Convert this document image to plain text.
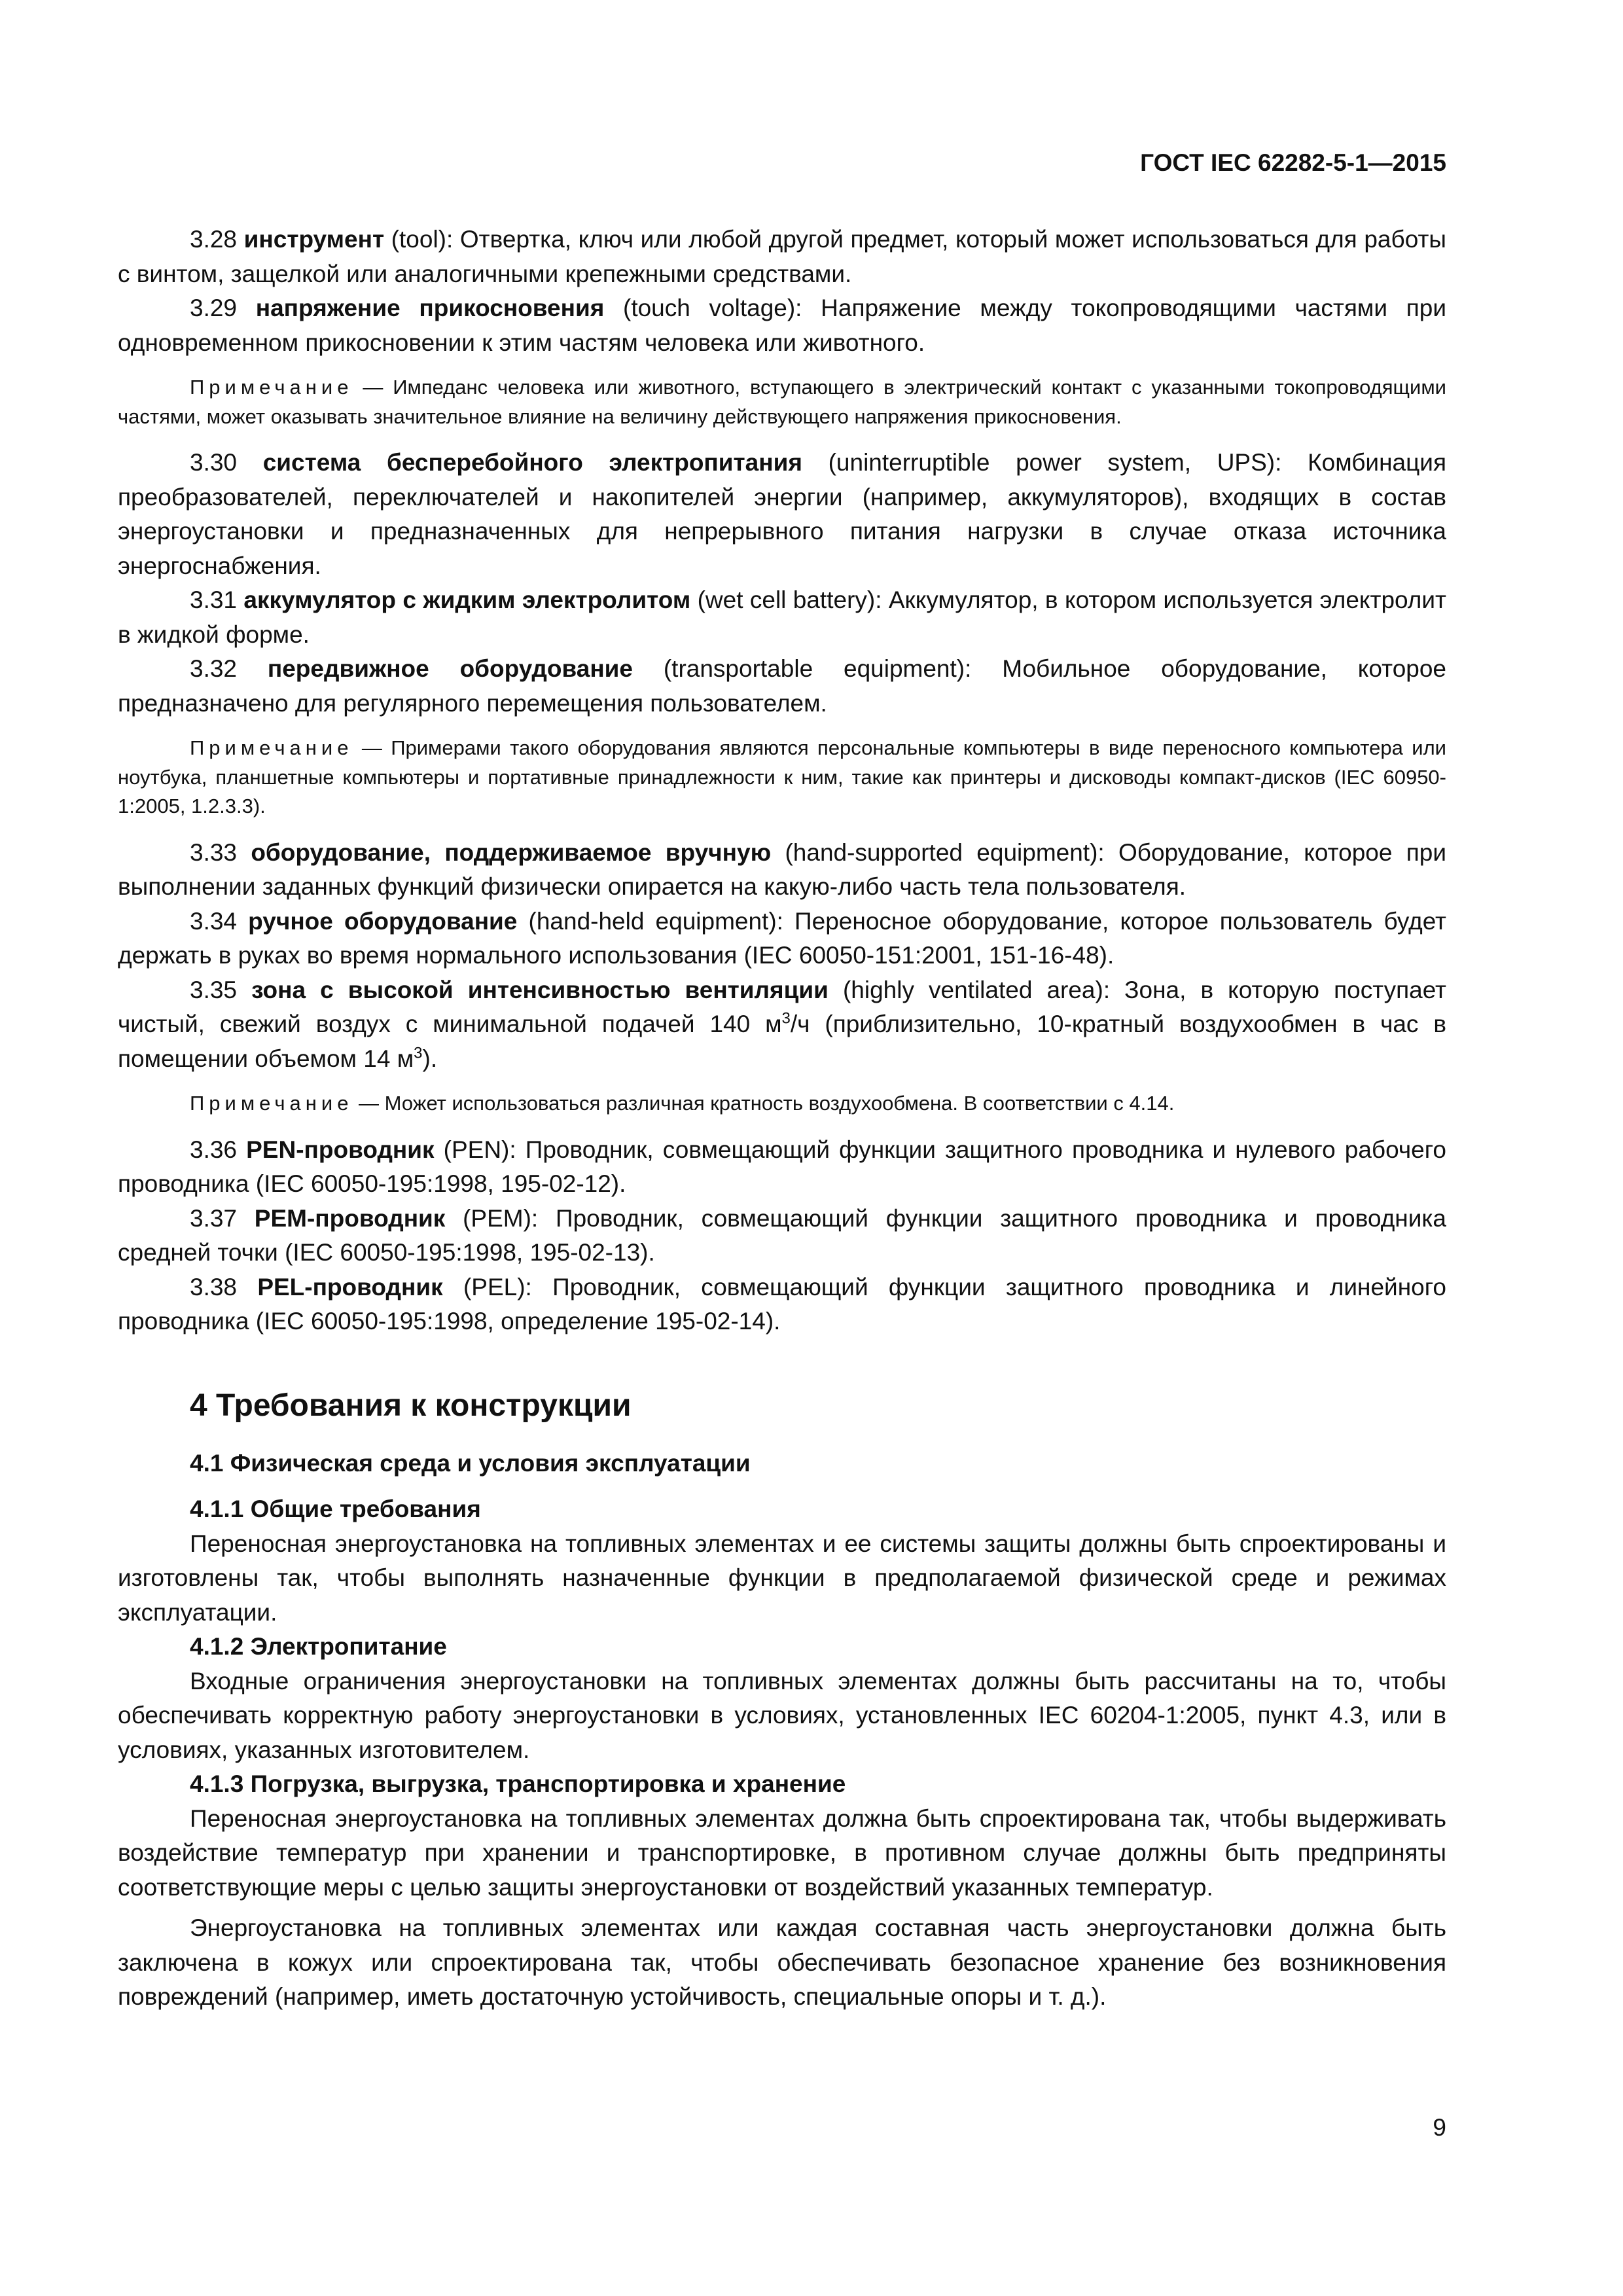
ГОСТ IEC 62282-5-1—2015

3.28 инструмент (tool): Отвертка, ключ или любой другой предмет, который может использоваться для работы с винтом, защелкой или аналогичными крепежными средствами.

3.29 напряжение прикосновения (touch voltage): Напряжение между токопроводящими частями при одновременном прикосновении к этим частям человека или животного.

Примечание — Импеданс человека или животного, вступающего в электрический контакт с указанными токопроводящими частями, может оказывать значительное влияние на величину действующего напряжения прикосновения.

3.30 система бесперебойного электропитания (uninterruptible power system, UPS): Комбинация преобразователей, переключателей и накопителей энергии (например, аккумуляторов), входящих в состав энергоустановки и предназначенных для непрерывного питания нагрузки в случае отказа источника энергоснабжения.

3.31 аккумулятор с жидким электролитом (wet cell battery): Аккумулятор, в котором используется электролит в жидкой форме.

3.32 передвижное оборудование (transportable equipment): Мобильное оборудование, которое предназначено для регулярного перемещения пользователем.

Примечание — Примерами такого оборудования являются персональные компьютеры в виде переносного компьютера или ноутбука, планшетные компьютеры и портативные принадлежности к ним, такие как принтеры и дисководы компакт-дисков (IEC 60950-1:2005, 1.2.3.3).

3.33 оборудование, поддерживаемое вручную (hand-supported equipment): Оборудование, которое при выполнении заданных функций физически опирается на какую-либо часть тела пользователя.

3.34 ручное оборудование (hand-held equipment): Переносное оборудование, которое пользователь будет держать в руках во время нормального использования (IEC 60050-151:2001, 151-16-48).

3.35 зона с высокой интенсивностью вентиляции (highly ventilated area): Зона, в которую поступает чистый, свежий воздух с минимальной подачей 140 $м^3/ч$ (приблизительно, 10-кратный воздухообмен в час в помещении объемом 14 $м^3$).

Примечание — Может использоваться различная кратность воздухообмена. В соответствии с 4.14.

3.36 PEN-проводник (PEN): Проводник, совмещающий функции защитного проводника и нулевого рабочего проводника (IEC 60050-195:1998, 195-02-12).

3.37 PEM-проводник (PEM): Проводник, совмещающий функции защитного проводника и проводника средней точки (IEC 60050-195:1998, 195-02-13).

3.38 PEL-проводник (PEL): Проводник, совмещающий функции защитного проводника и линейного проводника (IEC 60050-195:1998, определение 195-02-14).

4 Требования к конструкции
4.1 Физическая среда и условия эксплуатации
4.1.1 Общие требования

Переносная энергоустановка на топливных элементах и ее системы защиты должны быть спроектированы и изготовлены так, чтобы выполнять назначенные функции в предполагаемой физической среде и режимах эксплуатации.

4.1.2 Электропитание

Входные ограничения энергоустановки на топливных элементах должны быть рассчитаны на то, чтобы обеспечивать корректную работу энергоустановки в условиях, установленных IEC 60204-1:2005, пункт 4.3, или в условиях, указанных изготовителем.

4.1.3 Погрузка, выгрузка, транспортировка и хранение

Переносная энергоустановка на топливных элементах должна быть спроектирована так, чтобы выдерживать воздействие температур при хранении и транспортировке, в противном случае должны быть предприняты соответствующие меры с целью защиты энергоустановки от воздействий указанных температур.

Энергоустановка на топливных элементах или каждая составная часть энергоустановки должна быть заключена в кожух или спроектирована так, чтобы обеспечивать безопасное хранение без возникновения повреждений (например, иметь достаточную устойчивость, специальные опоры и т. д.).

9
